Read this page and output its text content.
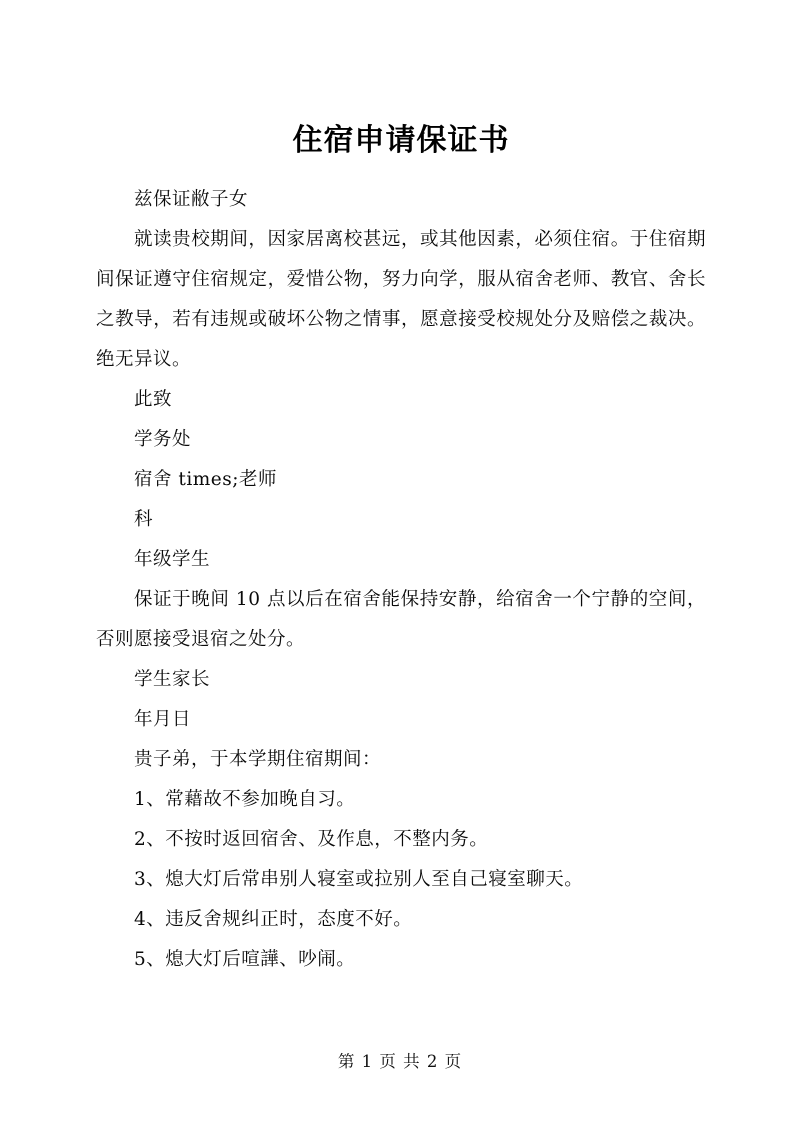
住宿申请保证书

兹保证敝子女

就读贵校期间，因家居离校甚远，或其他因素，必须住宿。于住宿期间保证遵守住宿规定，爱惜公物，努力向学，服从宿舍老师、教官、舍长之教导，若有违规或破坏公物之情事，愿意接受校规处分及赔偿之裁决。绝无异议。

此致

学务处

宿舍 times;老师

科

年级学生

保证于晚间 10 点以后在宿舍能保持安静，给宿舍一个宁静的空间，否则愿接受退宿之处分。

学生家长

年月日

贵子弟，于本学期住宿期间：

1、常藉故不参加晚自习。

2、不按时返回宿舍、及作息，不整内务。

3、熄大灯后常串别人寝室或拉别人至自己寝室聊天。

4、违反舍规纠正时，态度不好。

5、熄大灯后喧譁、吵闹。

第 1 页 共 2 页
